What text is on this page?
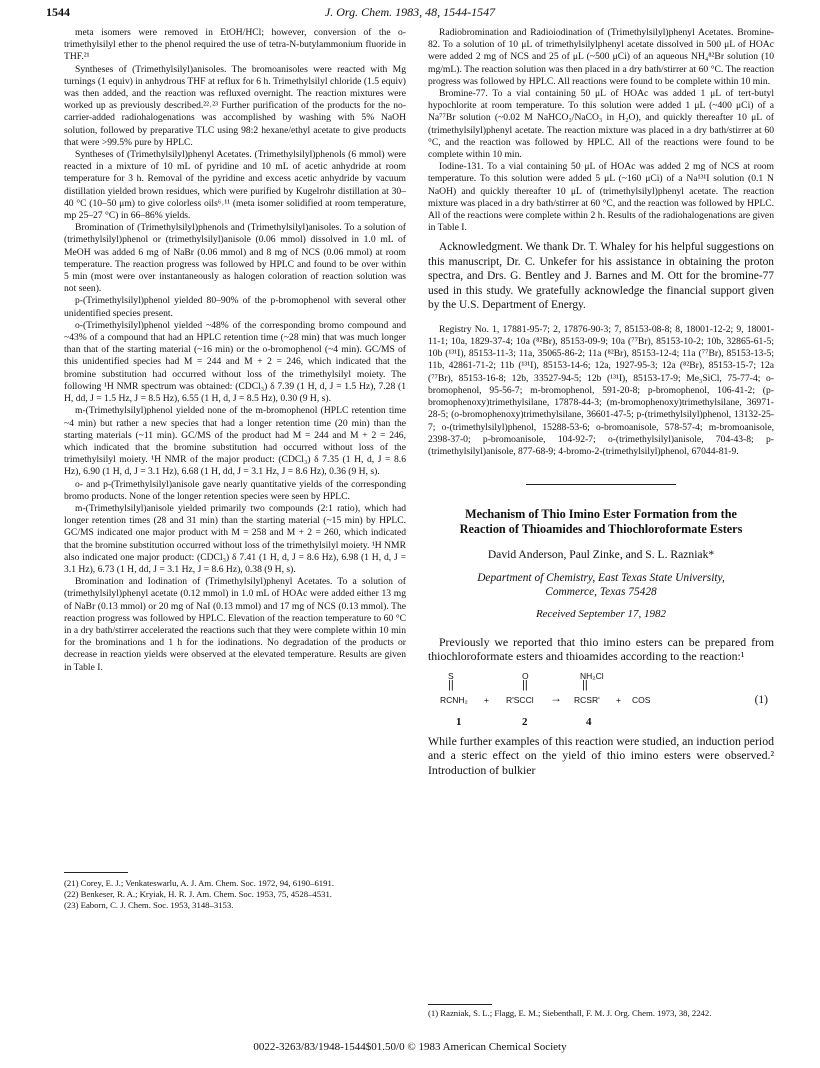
1544	J. Org. Chem. 1983, 48, 1544-1547

meta isomers were removed in EtOH/HCl; however, conversion of the o-trimethylsilyl ether to the phenol required the use of tetra-N-butylammonium fluoride in THF.²¹

Syntheses of (Trimethylsilyl)anisoles. The bromoanisoles were reacted with Mg turnings (1 equiv) in anhydrous THF at reflux for 6 h. Trimethylsilyl chloride (1.5 equiv) was then added, and the reaction was refluxed overnight. The reaction mixtures were worked up as previously described.²²˒²³ Further purification of the products for the no-carrier-added radiohalogenations was accomplished by washing with 5% NaOH solution, followed by preparative TLC using 98:2 hexane/ethyl acetate to give products that were >99.5% pure by HPLC.

Syntheses of (Trimethylsilyl)phenyl Acetates. (Trimethylsilyl)phenols (6 mmol) were reacted in a mixture of 10 mL of pyridine and 10 mL of acetic anhydride at room temperature for 3 h. Removal of the pyridine and excess acetic anhydride by vacuum distillation yielded brown residues, which were purified by Kugelrohr distillation at 30–40 °C (10–50 μm) to give colorless oils⁶˒¹¹ (meta isomer solidified at room temperature, mp 25–27 °C) in 66–86% yields.

Bromination of (Trimethylsilyl)phenols and (Trimethylsilyl)anisoles. To a solution of (trimethylsilyl)phenol or (trimethylsilyl)anisole (0.06 mmol) dissolved in 1.0 mL of MeOH was added 6 mg of NaBr (0.06 mmol) and 8 mg of NCS (0.06 mmol) at room temperature. The reaction progress was followed by HPLC and found to be over within 5 min (most were over instantaneously as halogen coloration of reaction solution was not seen).

p-(Trimethylsilyl)phenol yielded 80–90% of the p-bromophenol with several other unidentified species present.

o-(Trimethylsilyl)phenol yielded ~48% of the corresponding bromo compound and ~43% of a compound that had an HPLC retention time (~28 min) that was much longer than that of the starting material (~16 min) or the o-bromophenol (~4 min). GC/MS of this unidentified species had M = 244 and M + 2 = 246, which indicated that the bromine substitution had occurred without loss of the trimethylsilyl moiety. The following ¹H NMR spectrum was obtained: (CDCl₃) δ 7.39 (1 H, d, J = 1.5 Hz), 7.28 (1 H, dd, J = 1.5 Hz, J = 8.5 Hz), 6.55 (1 H, d, J = 8.5 Hz), 0.30 (9 H, s).

m-(Trimethylsilyl)phenol yielded none of the m-bromophenol (HPLC retention time ~4 min) but rather a new species that had a longer retention time (20 min) than the starting materials (~11 min). GC/MS of the product had M = 244 and M + 2 = 246, which indicated that the bromine substitution had occurred without loss of the trimethylsilyl moiety. ¹H NMR of the major product: (CDCl₃) δ 7.35 (1 H, d, J = 8.6 Hz), 6.90 (1 H, d, J = 3.1 Hz), 6.68 (1 H, dd, J = 3.1 Hz, J = 8.6 Hz), 0.36 (9 H, s).

o- and p-(Trimethylsilyl)anisole gave nearly quantitative yields of the corresponding bromo products. None of the longer retention species were seen by HPLC.

m-(Trimethylsilyl)anisole yielded primarily two compounds (2:1 ratio), which had longer retention times (28 and 31 min) than the starting material (~15 min) by HPLC. GC/MS indicated one major product with M = 258 and M + 2 = 260, which indicated that the bromine substitution occurred without loss of the trimethylsilyl moiety. ¹H NMR also indicated one major product: (CDCl₃) δ 7.41 (1 H, d, J = 8.6 Hz), 6.98 (1 H, d, J = 3.1 Hz), 6.73 (1 H, dd, J = 3.1 Hz, J = 8.6 Hz), 0.38 (9 H, s).

Bromination and Iodination of (Trimethylsilyl)phenyl Acetates. To a solution of (trimethylsilyl)phenyl acetate (0.12 mmol) in 1.0 mL of HOAc were added either 13 mg of NaBr (0.13 mmol) or 20 mg of NaI (0.13 mmol) and 17 mg of NCS (0.13 mmol). The reaction progress was followed by HPLC. Elevation of the reaction temperature to 60 °C in a dry bath/stirrer accelerated the reactions such that they were complete within 10 min for the brominations and 1 h for the iodinations. No degradation of the products or decrease in reaction yields were observed at the elevated temperature. Results are given in Table I.

(21) Corey, E. J.; Venkateswarlu, A. J. Am. Chem. Soc. 1972, 94, 6190–6191.
(22) Benkeser, R. A.; Kryiak, H. R. J. Am. Chem. Soc. 1953, 75, 4528–4531.
(23) Eaborn, C. J. Chem. Soc. 1953, 3148–3153.

Radiobromination and Radioiodination of (Trimethylsilyl)phenyl Acetates. Bromine-82. To a solution of 10 μL of trimethylsilylphenyl acetate dissolved in 500 μL of HOAc were added 2 mg of NCS and 25 of μL (~500 μCi) of an aqueous NH₄⁸²Br solution (10 mg/mL). The reaction solution was then placed in a dry bath/stirrer at 60 °C. The reaction progress was followed by HPLC. All reactions were found to be complete within 10 min.

Bromine-77. To a vial containing 50 μL of HOAc was added 1 μL of tert-butyl hypochlorite at room temperature. To this solution were added 1 μL (~400 μCi) of a Na⁷⁷Br solution (~0.02 M NaHCO₃/NaCO₃ in H₂O), and quickly thereafter 10 μL of (trimethylsilyl)phenyl acetate. The reaction mixture was placed in a dry bath/stirrer at 60 °C, and the reaction was followed by HPLC. All of the reactions were found to be complete within 10 min.

Iodine-131. To a vial containing 50 μL of HOAc was added 2 mg of NCS at room temperature. To this solution were added 5 μL (~160 μCi) of a Na¹³¹I solution (0.1 N NaOH) and quickly thereafter 10 μL of (trimethylsilyl)phenyl acetate. The reaction mixture was placed in a dry bath/stirrer at 60 °C, and the reaction was followed by HPLC. All of the reactions were complete within 2 h. Results of the radiohalogenations are given in Table I.

Acknowledgment. We thank Dr. T. Whaley for his helpful suggestions on this manuscript, Dr. C. Unkefer for his assistance in obtaining the proton spectra, and Drs. G. Bentley and J. Barnes and M. Ott for the bromine-77 used in this study. We gratefully acknowledge the financial support given by the U.S. Department of Energy.

Registry No. 1, 17881-95-7; 2, 17876-90-3; 7, 85153-08-8; 8, 18001-12-2; 9, 18001-11-1; 10a, 1829-37-4; 10a (⁸²Br), 85153-09-9; 10a (⁷⁷Br), 85153-10-2; 10b, 32865-61-5; 10b (¹³¹I), 85153-11-3; 11a, 35065-86-2; 11a (⁸²Br), 85153-12-4; 11a (⁷⁷Br), 85153-13-5; 11b, 42861-71-2; 11b (¹³¹I), 85153-14-6; 12a, 1927-95-3; 12a (⁸²Br), 85153-15-7; 12a (⁷⁷Br), 85153-16-8; 12b, 33527-94-5; 12b (¹³¹I), 85153-17-9; Me₃SiCl, 75-77-4; o-bromophenol, 95-56-7; m-bromophenol, 591-20-8; p-bromophenol, 106-41-2; (p-bromophenoxy)trimethylsilane, 17878-44-3; (m-bromophenoxy)trimethylsilane, 36971-28-5; (o-bromophenoxy)trimethylsilane, 36601-47-5; p-(trimethylsilyl)phenol, 13132-25-7; o-(trimethylsilyl)phenol, 15288-53-6; o-bromoanisole, 578-57-4; m-bromoanisole, 2398-37-0; p-bromoanisole, 104-92-7; o-(trimethylsilyl)anisole, 704-43-8; p-(trimethylsilyl)anisole, 877-68-9; 4-bromo-2-(trimethylsilyl)phenol, 67044-81-9.

Mechanism of Thio Imino Ester Formation from the Reaction of Thioamides and Thiochloroformate Esters
David Anderson, Paul Zinke, and S. L. Razniak*
Department of Chemistry, East Texas State University,
Commerce, Texas 75428
Received September 17, 1982

Previously we reported that thio imino esters can be prepared from thiochloroformate esters and thioamides according to the reaction:¹

S
||
RCNH₂ +
O
||
R'SCCl →
NH₂Cl
||
RCSR' + COS	(1)
1	2	4

While further examples of this reaction were studied, an induction period and a steric effect on the yield of thio imino esters were observed.² Introduction of bulkier

(1) Razniak, S. L.; Flagg, E. M.; Siebenthall, F. M. J. Org. Chem. 1973, 38, 2242.
0022-3263/83/1948-1544$01.50/0 © 1983 American Chemical Society
